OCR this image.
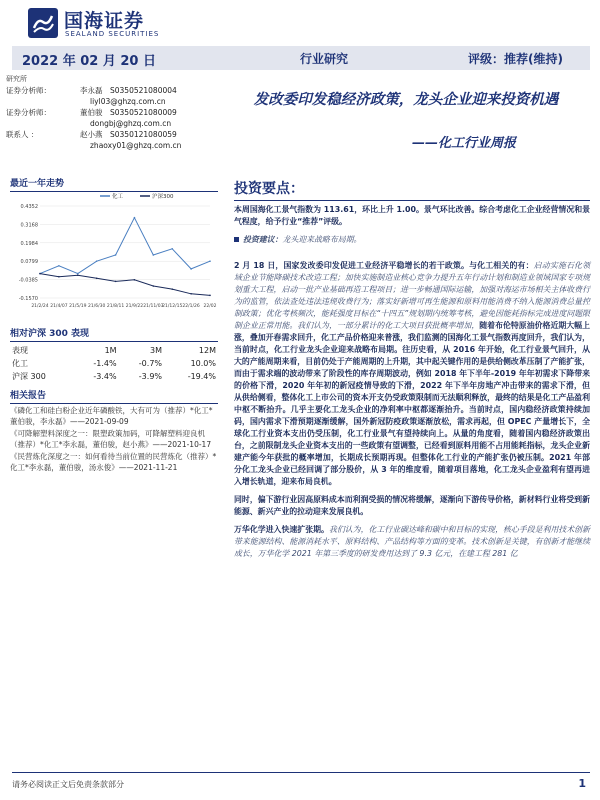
国海证券
SEALAND SECURITIES
2022 年 02 月 20 日	行业研究	评级：推荐(维持)
研究所
证券分析师：	李永磊	S0350521080004
liyl03@ghzq.com.cn
证券分析师：	董伯骏	S0350521080009
dongbj@ghzq.com.cn
联系人 ：	赵小燕	S0350121080059
zhaoxy01@ghzq.com.cn
最近一年走势
-0.1570
-0.0385
0.0799
0.1984
0.3168
0.4352
21/2/24 21/4/07 21/5/19 21/6/30 21/8/11 21/9/22 21/11/03
21/12/15 22/1/26 22/02
化工	沪深300
相对沪深 300 表现
表现	1M	3M	12M
化工	-1.4%	-0.7%	10.0%
沪深 300	-3.4%	-3.9%	-19.4%
相关报告
《磷化工和硅白粉企业近年磷酸铁，大有可为（推荐）*化工*董伯骏，李永磊》——2021-09-09
《可降解塑料深度之一：限塑政策加码，可降解塑料迎良机（推荐）*化工*李永磊，董伯骏，赵小燕》——2021-10-17
《民营炼化深度之一：如何看待当前位置的民营炼化（推荐）*化工*李永磊，董伯骏，汤永俊》——2021-11-21
发改委印发稳经济政策，龙头企业迎来投资机遇
——化工行业周报
投资要点：

本周国海化工景气指数为 113.61，环比上升 1.00。景气环比改善。综合考虑化工企业经营情况和景气程度，给予行业“推荐”评级。

投资建议：龙头迎来战略布局期。

2 月 18 日，国家发改委印发促进工业经济平稳增长的若干政策。与化工相关的有：启动实施石化领域企业节能降碳技术改造工程；加快实施制造业核心竞争力提升五年行动计划和制造业领域国家专项规划重大工程，启动一批产业基础再造工程项目；进一步畅通国际运输，加强对海运市场相关主体收费行为的监管，依法查处违法违规收费行为；落实好新增可再生能源和原料用能消费不纳入能源消费总量控制政策；优化考核频次，能耗强度目标在“十四五”规划期内统筹考核，避免因能耗指标完成进度问题限制企业正常用能。我们认为，一部分累计的化工大项目获批概率增加，随着布伦特原油价格近期大幅上涨，叠加开春需求回升，化工产品价格迎来普涨，我们监测的国海化工景气指数再度回升，我们认为，当前时点，化工行业龙头企业迎来战略布局期。往历史看，从 2016 年开始，化工行业景气回升，从大的产能周期来看，目前仍处于产能周期的上升期，其中起关键作用的是供给侧改革压制了产能扩张，而由于需求端的波动带来了阶段性的库存周期波动，例如 2018 年下半年-2019 年年初需求下降带来的价格下滑，2020 年年初的新冠疫情导致的下滑，2022 年下半年房地产冲击带来的需求下滑，但从供给侧看，整体化工上市公司的资本开支仍受政策限制而无法顺利释放，最终的结果是化工产品盈利中枢不断抬升。几乎主要化工龙头企业的净利率中枢都逐渐抬升。当前时点，国内稳经济政策持续加码，国内需求下滑预期逐渐缓解，国外新冠防疫政策逐渐放松，需求再起，但 OPEC 产量增长下，全球化工行业资本支出仍受压制，化工行业景气有望持续向上。从量的角度看，随着国内稳经济政策出台，之前限制龙头企业资本支出的一些政策有望调整，已经看到原料用能不占用能耗指标，龙头企业新建产能今年获批的概率增加，长期成长预期再现。但整体化工行业的产能扩张仍被压制。2021 年部分化工龙头企业已经回调了部分股价，从 3 年的维度看，随着项目落地，化工龙头企业盈利有望再进入增长轨道，迎来布局良机。

同时，偏下游行业因高原料成本而利润受损的情况将缓解，逐渐向下游传导价格，新材料行业将受到新能源、新兴产业的拉动迎来发展良机。

万华化学进入快速扩张期。我们认为，化工行业碳达峰和碳中和目标的实现，核心手段是利用技术创新带来能源结构、能源消耗水平、原料结构、产品结构等方面的变革。技术创新是关键，有创新才能继续成长，万华化学 2021 年第三季度的研发费用达到了 9.3 亿元，在建工程 281 亿

请务必阅读正文后免责条款部分	1
